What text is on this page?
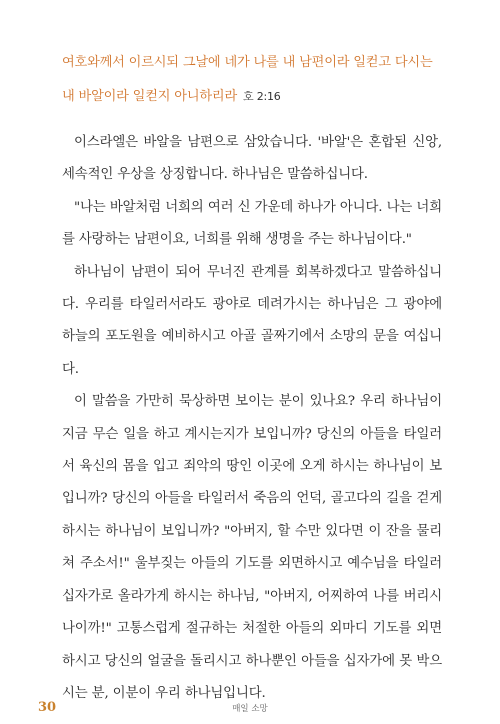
여호와께서 이르시되 그날에 네가 나를 내 남편이라 일컫고 다시는
내 바알이라 일컫지 아니하리라 호 2:16

이스라엘은 바알을 남편으로 삼았습니다. '바알'은 혼합된 신앙, 세속적인 우상을 상징합니다. 하나님은 말씀하십니다.

"나는 바알처럼 너희의 여러 신 가운데 하나가 아니다. 나는 너희를 사랑하는 남편이요, 너희를 위해 생명을 주는 하나님이다."

하나님이 남편이 되어 무너진 관계를 회복하겠다고 말씀하십니다. 우리를 타일러서라도 광야로 데려가시는 하나님은 그 광야에 하늘의 포도원을 예비하시고 아골 골짜기에서 소망의 문을 여십니다.

이 말씀을 가만히 묵상하면 보이는 분이 있나요? 우리 하나님이 지금 무슨 일을 하고 계시는지가 보입니까? 당신의 아들을 타일러서 육신의 몸을 입고 죄악의 땅인 이곳에 오게 하시는 하나님이 보입니까? 당신의 아들을 타일러서 죽음의 언덕, 골고다의 길을 걷게 하시는 하나님이 보입니까? "아버지, 할 수만 있다면 이 잔을 물리쳐 주소서!" 울부짖는 아들의 기도를 외면하시고 예수님을 타일러 십자가로 올라가게 하시는 하나님, "아버지, 어찌하여 나를 버리시나이까!" 고통스럽게 절규하는 처절한 아들의 외마디 기도를 외면하시고 당신의 얼굴을 돌리시고 하나뿐인 아들을 십자가에 못 박으시는 분, 이분이 우리 하나님입니다.

30	매일 소망
